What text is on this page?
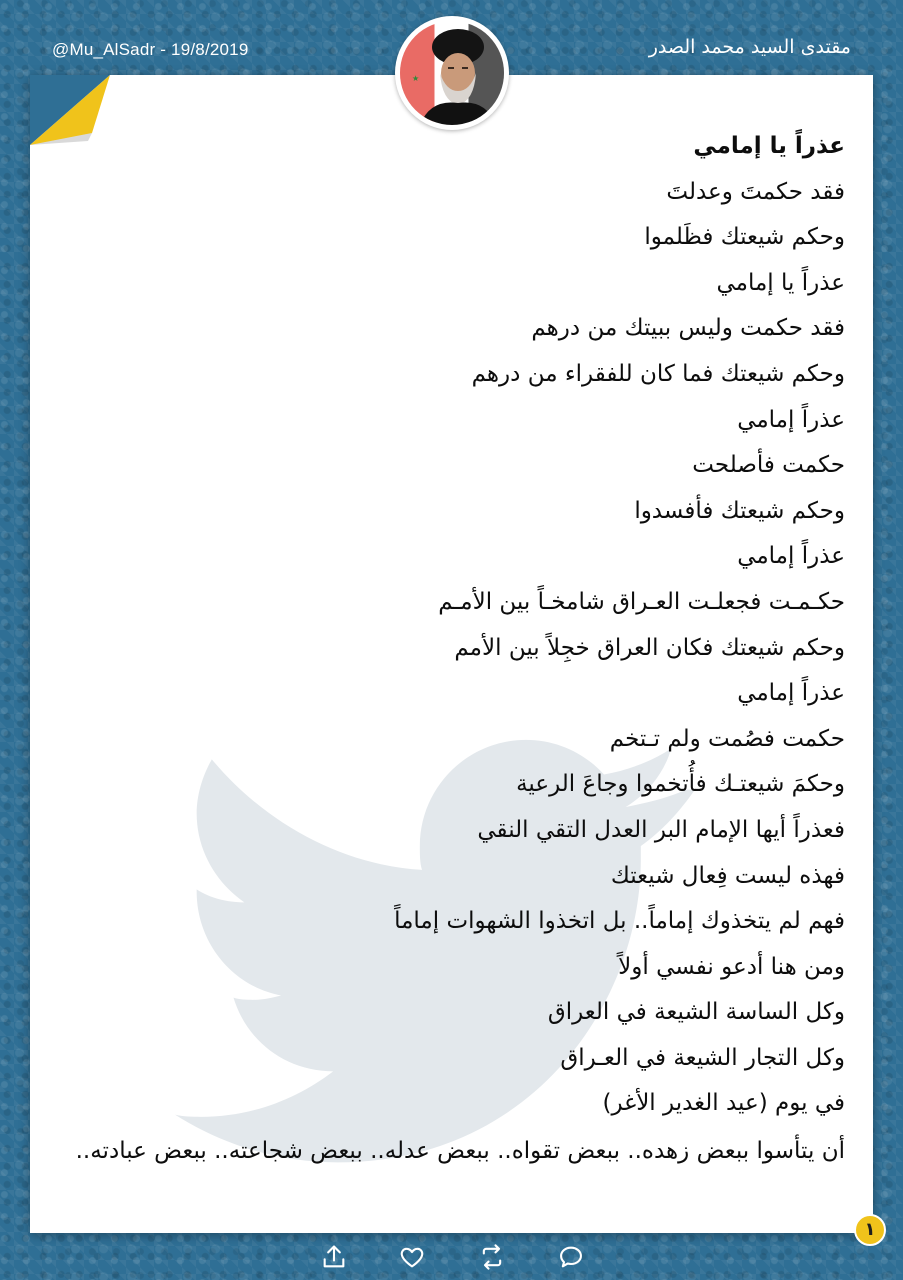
@Mu_AlSadr - 19/8/2019	مقتدى السيد محمد الصدر
★
عذراً يا إمامي
فقد حكمتَ وعدلتَ
وحكم شيعتك فظَلموا
عذراً يا إمامي
فقد حكمت وليس ببيتك من درهم
وحكم شيعتك فما كان للفقراء من درهم
عذراً إمامي
حكمت فأصلحت
وحكم شيعتك فأفسدوا
عذراً إمامي
حكـمـت فجعلـت العـراق شامخـاً بين الأمـم
وحكم شيعتك فكان العراق خجِلاً بين الأمم
عذراً إمامي
حكمت فصُمت ولم تـتخم
وحكمَ شيعتـك فأُتخموا وجاعَ الرعية
فعذراً أيها الإمام البر العدل التقي النقي
فهذه ليست فِعال شيعتك
فهم لم يتخذوك إماماً.. بل اتخذوا الشهوات إماماً
ومن هنا أدعو نفسي أولاً
وكل الساسة الشيعة في العراق
وكل التجار الشيعة في العـراق
في يوم (عيد الغدير الأغر)
أن يتأسوا ببعض زهده.. ببعض تقواه.. ببعض عدله.. ببعض شجاعته.. ببعض عبادته..
١
